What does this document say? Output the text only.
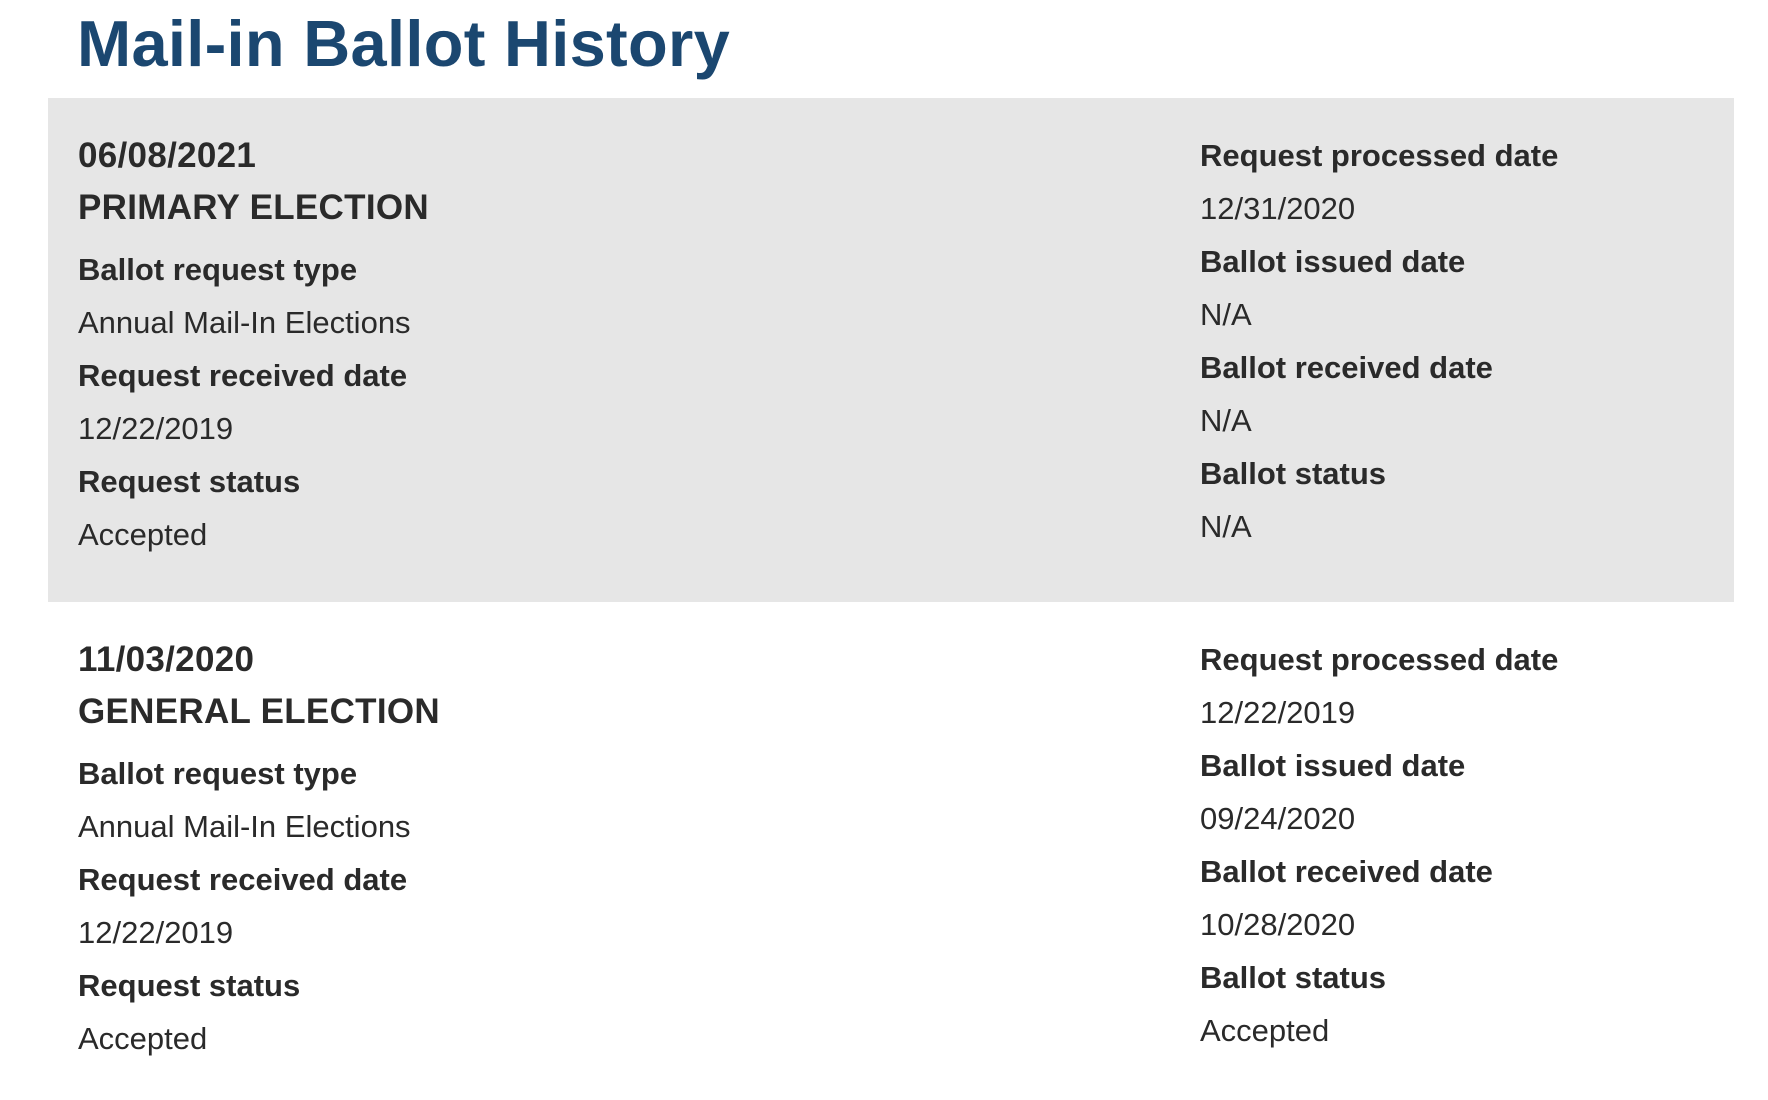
Mail-in Ballot History
06/08/2021
PRIMARY ELECTION
Ballot request type
Annual Mail-In Elections
Request received date
12/22/2019
Request status
Accepted
Request processed date
12/31/2020
Ballot issued date
N/A
Ballot received date
N/A
Ballot status
N/A
11/03/2020
GENERAL ELECTION
Ballot request type
Annual Mail-In Elections
Request received date
12/22/2019
Request status
Accepted
Request processed date
12/22/2019
Ballot issued date
09/24/2020
Ballot received date
10/28/2020
Ballot status
Accepted
